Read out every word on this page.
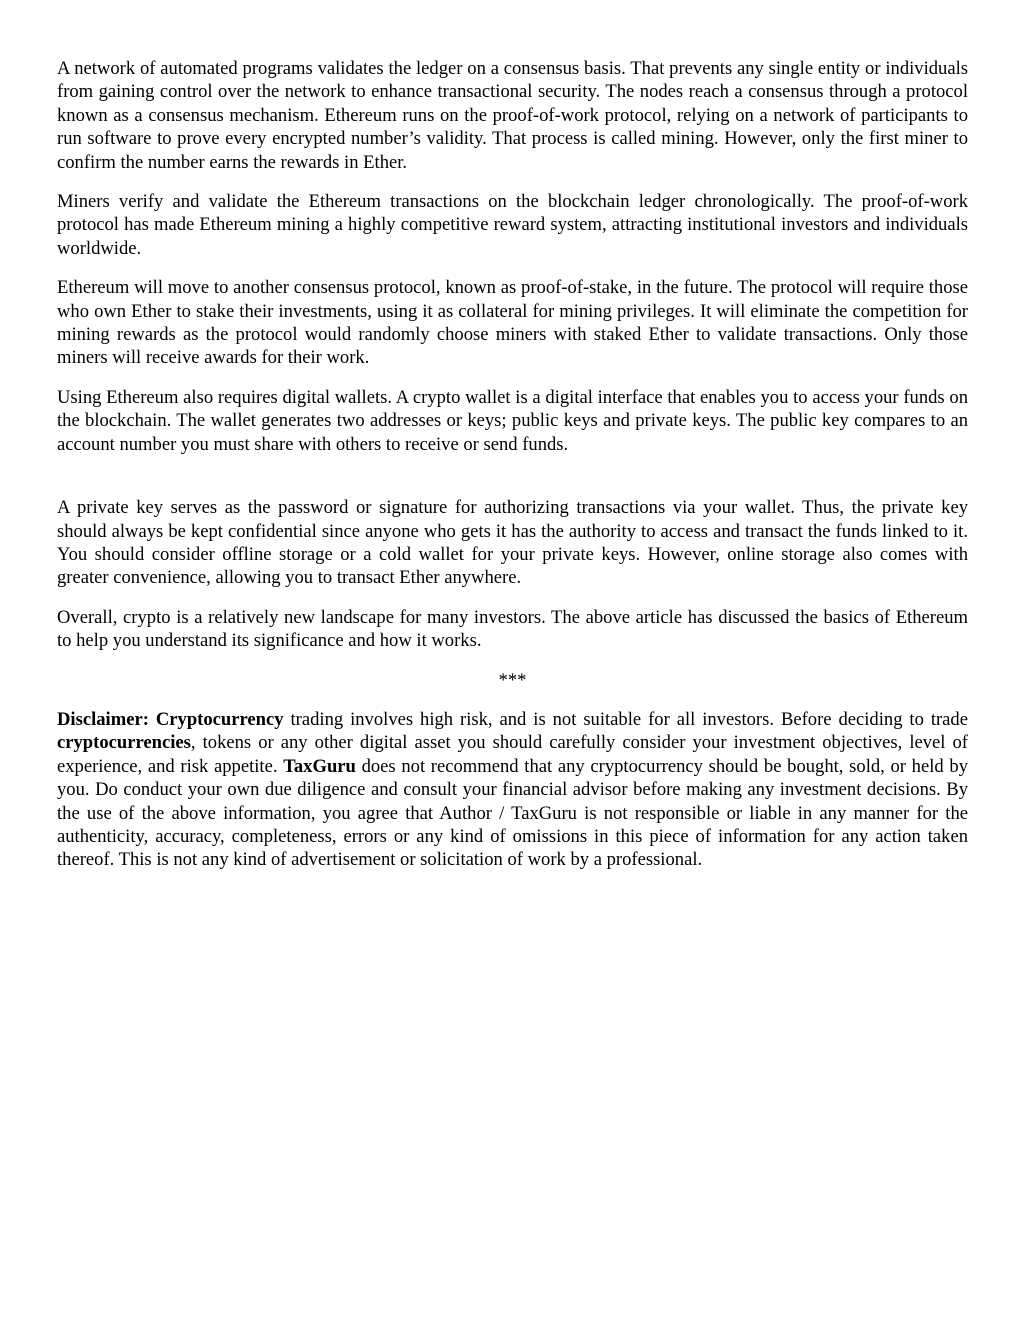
A network of automated programs validates the ledger on a consensus basis. That prevents any single entity or individuals from gaining control over the network to enhance transactional security. The nodes reach a consensus through a protocol known as a consensus mechanism. Ethereum runs on the proof-of-work protocol, relying on a network of participants to run software to prove every encrypted number’s validity. That process is called mining. However, only the first miner to confirm the number earns the rewards in Ether.

Miners verify and validate the Ethereum transactions on the blockchain ledger chronologically. The proof-of-work protocol has made Ethereum mining a highly competitive reward system, attracting institutional investors and individuals worldwide.

Ethereum will move to another consensus protocol, known as proof-of-stake, in the future. The protocol will require those who own Ether to stake their investments, using it as collateral for mining privileges. It will eliminate the competition for mining rewards as the protocol would randomly choose miners with staked Ether to validate transactions. Only those miners will receive awards for their work.

Using Ethereum also requires digital wallets. A crypto wallet is a digital interface that enables you to access your funds on the blockchain. The wallet generates two addresses or keys; public keys and private keys. The public key compares to an account number you must share with others to receive or send funds.

A private key serves as the password or signature for authorizing transactions via your wallet. Thus, the private key should always be kept confidential since anyone who gets it has the authority to access and transact the funds linked to it. You should consider offline storage or a cold wallet for your private keys. However, online storage also comes with greater convenience, allowing you to transact Ether anywhere.

Overall, crypto is a relatively new landscape for many investors. The above article has discussed the basics of Ethereum to help you understand its significance and how it works.

***

Disclaimer: Cryptocurrency trading involves high risk, and is not suitable for all investors. Before deciding to trade cryptocurrencies, tokens or any other digital asset you should carefully consider your investment objectives, level of experience, and risk appetite. TaxGuru does not recommend that any cryptocurrency should be bought, sold, or held by you. Do conduct your own due diligence and consult your financial advisor before making any investment decisions. By the use of the above information, you agree that Author / TaxGuru is not responsible or liable in any manner for the authenticity, accuracy, completeness, errors or any kind of omissions in this piece of information for any action taken thereof. This is not any kind of advertisement or solicitation of work by a professional.
